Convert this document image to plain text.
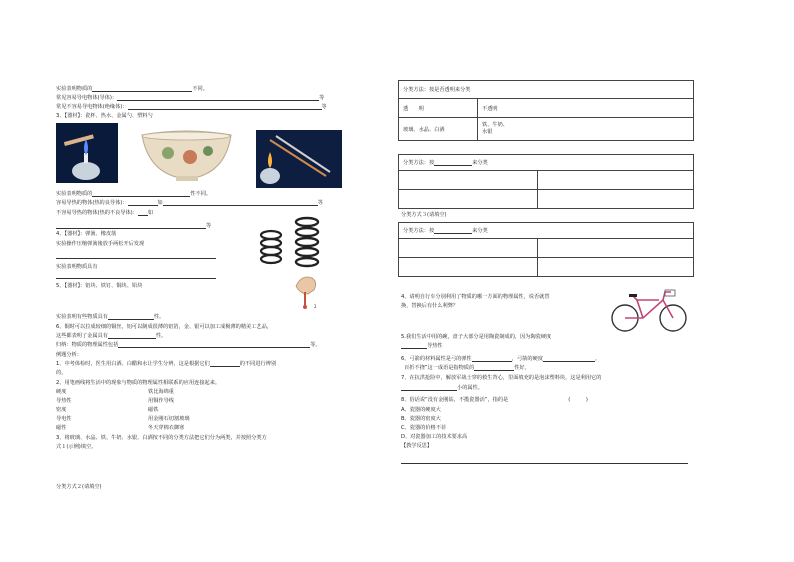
实验表明物质的	不同。
常见容易导电物体(导体)：	等
常见不容易导电物体(绝缘体)：	等
3、【器材】：瓷杯、热水、金属勺、塑料勺
实验表明物质的	性不同。
容易导热的物体(热的良导体)：	如	等
不容易导热的物体(热的不良导体)： 如
等
4、【器材】：弹簧、橡皮筋
实验操作压缩弹簧後放手两松开后发现
实验表明物质具有
5、【器材】：铝块、铁钉、铜块、铅块
2
实验表明有些物质具有	性。
6、铜时可以拉成较细的铜丝，铝可以制成很薄的铝箔，金、银可以加工成极薄的精美工艺品，
这些都表明了金属具有	性。
归纳：物质的物理属性包括	等。
例题分析：
1、中考体检时，医生用白酒、白醋和水让学生分辨，这是根据它们	的不同进行辨别
的。
2、用笔画线将生活中的现象与物质的物理属性相联系的应用连接起来。
硬度	铁比海绵重
导热性	用铜作导线
密度	磁铁
导电性	用金刚石切割玻璃
磁性	冬天穿棉衣御寒
3、将玻璃、水晶、铁、牛奶、水银、白酒按不同的分类方法把它们分为两类，并按照分类方
式１(示例)填空。
分类方式２(请填空)
分类方法：按是否透明来分类	
透　　明	不透明
玻璃、水晶、白酒	铁、牛奶、
水银
分类方法：按 来分类	

分类方式３(请填空)
分类方法：按 来分类	

4、请明自行车分别利用了物质的哪一方面的物理属性，说否就替
换，替换后有什么利弊？
5.我们生活中用的碗，盘子大部分是用陶瓷制成的，因为陶瓷硬度
导热性
6、弓箭的材料属性是弓的弹性	，弓箭的硬度	。
百折不挠”这一成语是指物质的	性好。
7、在抗洪抢险中，解放军战士穿的救生背心，里面填充的是泡沫塑料块，这是利用它的
小的属性。
8、俗话说“没有金刚钻，不揽瓷器活”，指的是	(　　　)
A、瓷器的硬度大
B、瓷器的密度大
C、瓷器的价格不菲
D、对瓷器加工的技术要求高
【教学反思】
